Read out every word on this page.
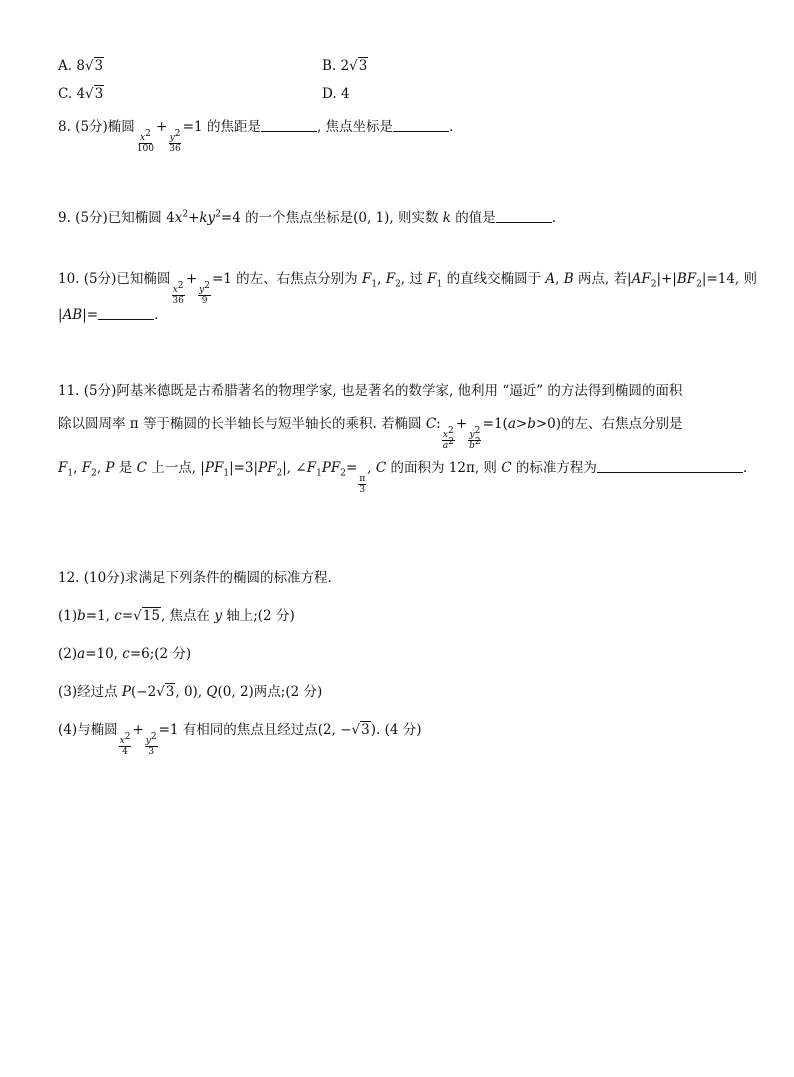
A. 8√3	B. 2√3
C. 4√3	D. 4
8. (5分)椭圆
$\frac{x^2}{100}$
+
$\frac{y^2}{36}$
=1 的焦距是	, 焦点坐标是	.
9. (5分)已知椭圆 $4x^2+ky^2=4$ 的一个焦点坐标是(0, 1), 则实数 k 的值是	.
10. (5分)已知椭圆
$\frac{x^2}{36}$
+
$\frac{y^2}{9}$
=1 的左、右焦点分别为 $F_1$, $F_2$, 过 $F_1$ 的直线交椭圆于 A, B 两点, 若$|AF_2|+|BF_2|=14$, 则
|AB|=	.
11. (5分)阿基米德既是古希腊著名的物理学家, 也是著名的数学家, 他利用 “逼近” 的方法得到椭圆的面积
除以圆周率 π 等于椭圆的长半轴长与短半轴长的乘积. 若椭圆 C:
$\frac{x^2}{a^2}$
+
$\frac{y^2}{b^2}$
=1(a>b>0)的左、右焦点分别是
$F_1$, $F_2$, P 是 C 上一点, $|PF_1|=3|PF_2|$, $\angle F_1PF_2=$
$\frac{\pi}{3}$
, C 的面积为 12π, 则 C 的标准方程为	.
12. (10分)求满足下列条件的椭圆的标准方程.
(1)b=1, c=√15, 焦点在 y 轴上;(2 分)
(2)a=10, c=6;(2 分)
(3)经过点 P(−2√3, 0), Q(0, 2)两点;(2 分)
(4)与椭圆
$\frac{x^2}{4}$
+
$\frac{y^2}{3}$
=1 有相同的焦点且经过点(2, −√3). (4 分)
